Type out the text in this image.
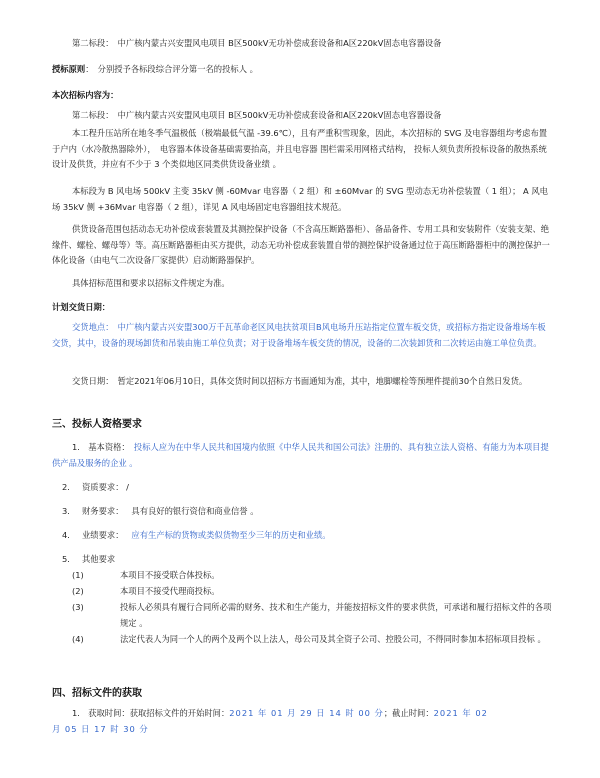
第二标段：　中广核内蒙古兴安盟风电项目 B区500kV无功补偿成套设备和A区220kV固态电容器设备

授标原则：　分别授予各标段综合评分第一名的投标人 。

本次招标内容为：

第二标段：　中广核内蒙古兴安盟风电项目 B区500kV无功补偿成套设备和A区220kV固态电容器设备

本工程升压站所在地冬季气温极低（极端最低气温 -39.6℃），且有严重积雪现象，因此，本次招标的 SVG 及电容器组均考虑布置于户内（水冷散热器除外），　电容器本体设备基础需要抬高，并且电容器 围栏需采用网格式结构， 投标人须负责所投标设备的散热系统设计及供货，并应有不少于 3 个类似地区同类供货设备业绩 。

本标段为 B 风电场 500kV 主变 35kV 侧 -60Mvar 电容器（ 2 组）和 ±60Mvar 的 SVG 型动态无功补偿装置（ 1 组）； A 风电场 35kV 侧 +36Mvar 电容器（ 2 组），详见 A 风电场固定电容器组技术规范。

供货设备范围包括动态无功补偿成套装置及其测控保护设备（不含高压断路器柜）、备品备件、专用工具和安装附件（安装支架、绝缘件、螺栓、螺母等）等。高压断路器柜由买方提供，动态无功补偿成套装置自带的测控保护设备通过位于高压断路器柜中的测控保护一体化设备（由电气二次设备厂家提供）启动断路器保护。

具体招标范围和要求以招标文件规定为准。

计划交货日期：

交货地点：　中广核内蒙古兴安盟300万千瓦革命老区风电扶贫项目B风电场升压站指定位置车板交货，或招标方指定设备堆场车板交货，其中，设备的现场卸货和吊装由施工单位负责；对于设备堆场车板交货的情况，设备的二次装卸货和二次转运由施工单位负责。

交货日期：　暂定2021年06月10日，具体交货时间以招标方书面通知为准，其中，地脚螺栓等预埋件提前30个自然日发货。

三、投标人资格要求

1.　 基本资格：　 投标人应为在中华人民共和国境内依照《中华人民共和国公司法》注册的、具有独立法人资格、有能力为本项目提供产品及服务的企业 。

2. 资质要求： /
3. 财务要求： 具有良好的银行资信和商业信誉 。
4. 业绩要求： 应有生产标的货物或类似货物至少三年的历史和业绩。
5. 其他要求
(1)	本项目不接受联合体投标。
(2)	本项目不接受代理商投标。
(3)	投标人必须具有履行合同所必需的财务、技术和生产能力，并能按招标文件的要求供货，可承诺和履行招标文件的各项规定 。
(4)	法定代表人为同一个人的两个及两个以上法人，母公司及其全资子公司、控股公司，不得同时参加本招标项目投标 。

四、招标文件的获取

1.　获取时间：获取招标文件的开始时间：2021 年 01 月 29 日 14 时 00 分；截止时间：2021 年 02
月 05 日 17 时 30 分
